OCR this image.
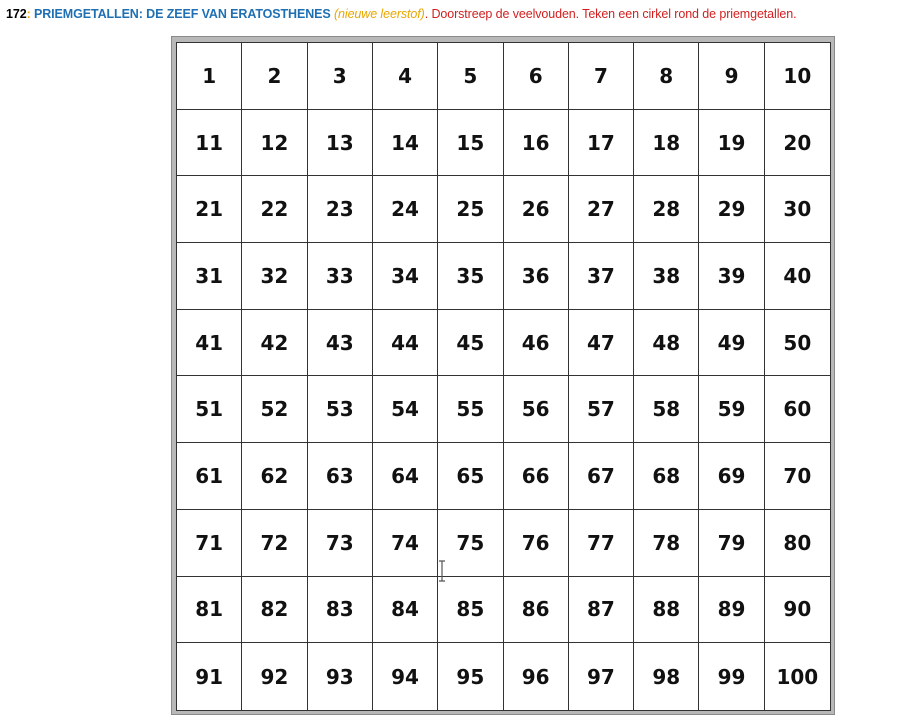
172: PRIEMGETALLEN: DE ZEEF VAN ERATOSTHENES (nieuwe leerstof). Doorstreep de veelvouden. Teken een cirkel rond de priemgetallen.
1	2	3	4	5	6	7	8	9	10
11	12	13	14	15	16	17	18	19	20
21	22	23	24	25	26	27	28	29	30
31	32	33	34	35	36	37	38	39	40
41	42	43	44	45	46	47	48	49	50
51	52	53	54	55	56	57	58	59	60
61	62	63	64	65	66	67	68	69	70
71	72	73	74	75	76	77	78	79	80
81	82	83	84	85	86	87	88	89	90
91	92	93	94	95	96	97	98	99	100
